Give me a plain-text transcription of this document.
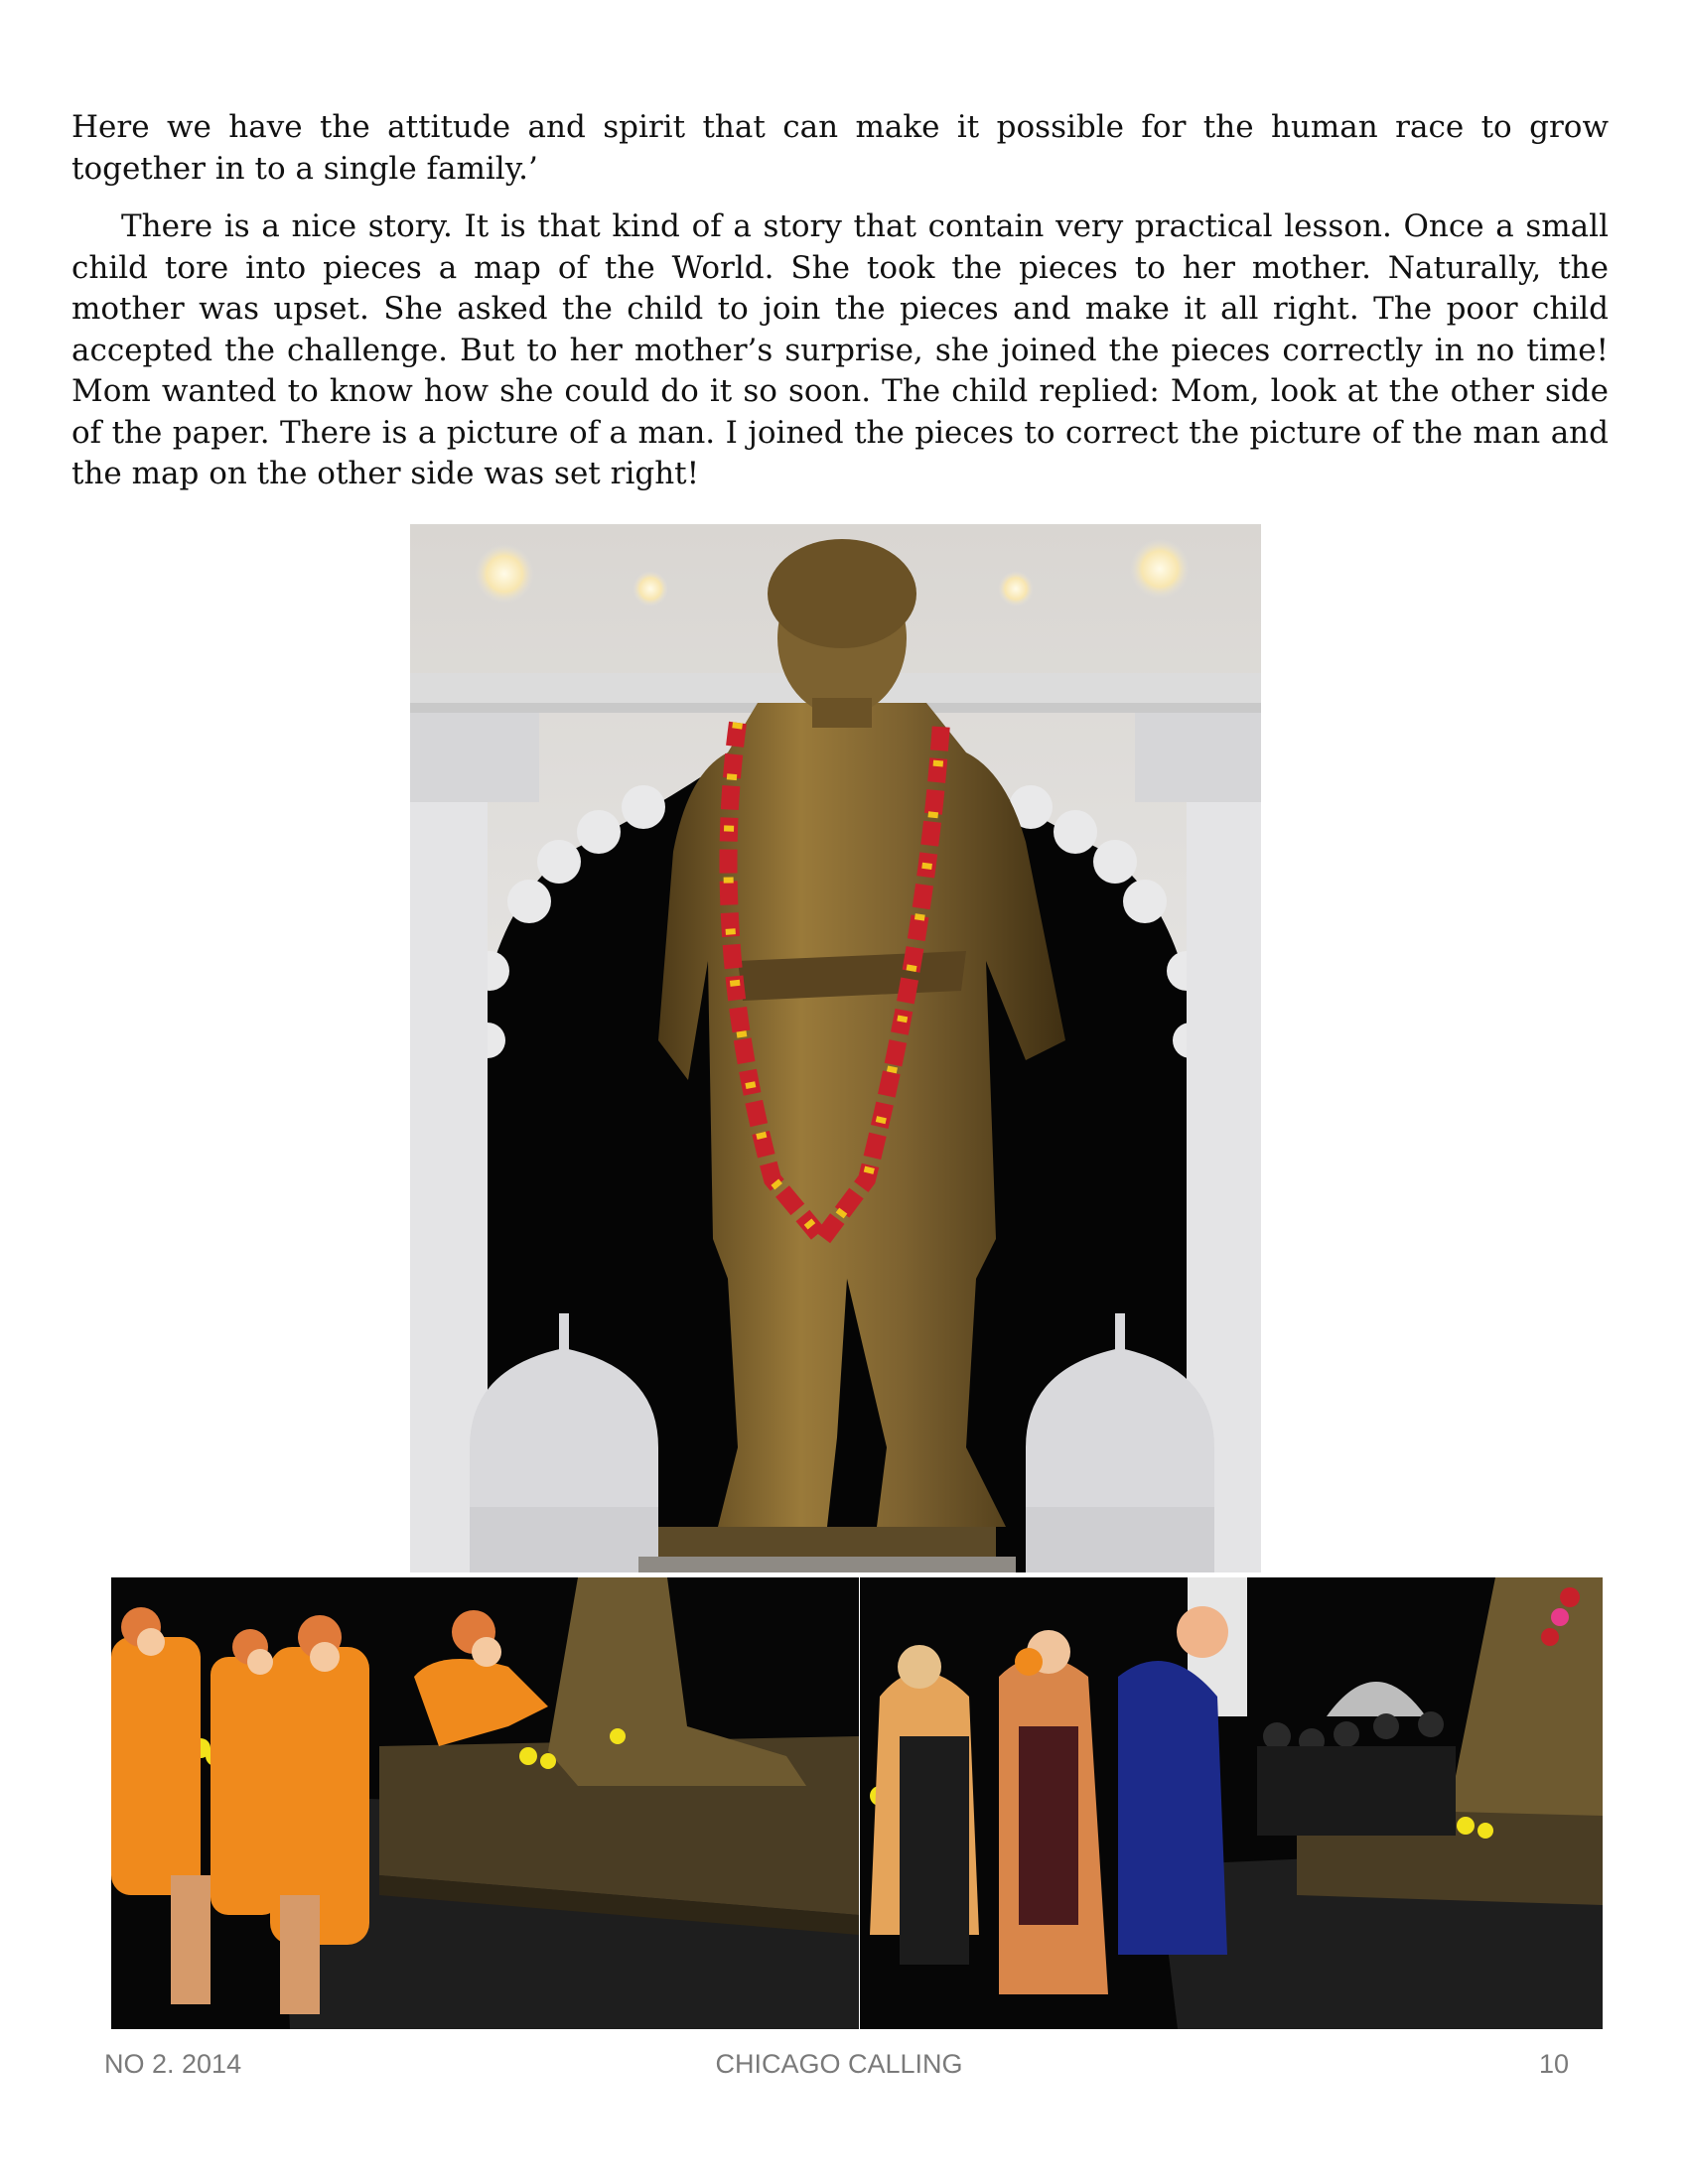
Here we have the attitude and spirit that can make it possible for the human race to grow together in to a single family.’

There is a nice story. It is that kind of a story that contain very practical lesson. Once a small child tore into pieces a map of the World. She took the pieces to her mother. Naturally, the mother was upset. She asked the child to join the pieces and make it all right. The poor child accepted the challenge. But to her mother’s surprise, she joined the pieces correctly in no time! Mom wanted to know how she could do it so soon. The child replied: Mom, look at the other side of the paper. There is a picture of a man. I joined the pieces to correct the picture of the man and the map on the other side was set right!

NO 2. 2014	CHICAGO CALLING	10
